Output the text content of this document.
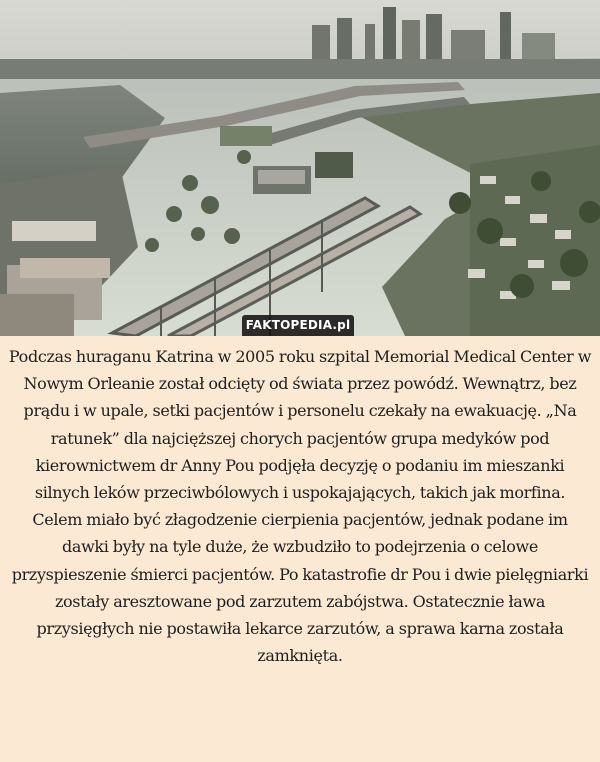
FAKTOPEDIA.pl

Podczas huraganu Katrina w 2005 roku szpital Memorial Medical Center w Nowym Orleanie został odcięty od świata przez powódź. Wewnątrz, bez prądu i w upale, setki pacjentów i personelu czekały na ewakuację. „Na ratunek” dla najcięższej chorych pacjentów grupa medyków pod kierownictwem dr Anny Pou podjęła decyzję o podaniu im mieszanki silnych leków przeciwbólowych i uspokajających, takich jak morfina. Celem miało być złagodzenie cierpienia pacjentów, jednak podane im dawki były na tyle duże, że wzbudziło to podejrzenia o celowe przyspieszenie śmierci pacjentów. Po katastrofie dr Pou i dwie pielęgniarki zostały aresztowane pod zarzutem zabójstwa. Ostatecznie ława przysięgłych nie postawiła lekarce zarzutów, a sprawa karna została zamknięta.
